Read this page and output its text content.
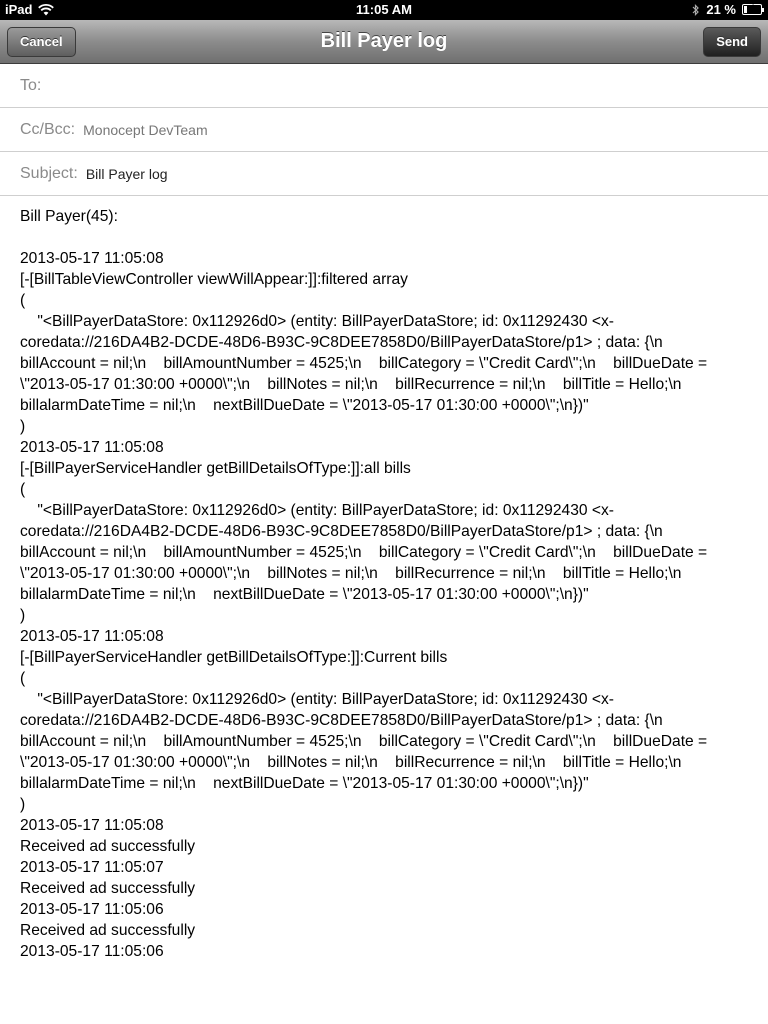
iPad	11:05 AM	21 % ⚡
Cancel	Bill Payer log	Send
To:
Cc/Bcc: Monocept DevTeam
Subject: Bill Payer log
Bill Payer(45):

2013-05-17 11:05:08
[-[BillTableViewController viewWillAppear:]]:filtered array
(
"<BillPayerDataStore: 0x112926d0> (entity: BillPayerDataStore; id: 0x11292430 <x-coredata://216DA4B2-DCDE-48D6-B93C-9C8DEE7858D0/BillPayerDataStore/p1> ; data: {\n    billAccount = nil;\n    billAmountNumber = 4525;\n    billCategory = \"Credit Card\";\n    billDueDate = \"2013-05-17 01:30:00 +0000\";\n    billNotes = nil;\n    billRecurrence = nil;\n    billTitle = Hello;\n    billalarmDateTime = nil;\n    nextBillDueDate = \"2013-05-17 01:30:00 +0000\";\n})"
)
2013-05-17 11:05:08
[-[BillPayerServiceHandler getBillDetailsOfType:]]:all bills
(
"<BillPayerDataStore: 0x112926d0> (entity: BillPayerDataStore; id: 0x11292430 <x-coredata://216DA4B2-DCDE-48D6-B93C-9C8DEE7858D0/BillPayerDataStore/p1> ; data: {\n    billAccount = nil;\n    billAmountNumber = 4525;\n    billCategory = \"Credit Card\";\n    billDueDate = \"2013-05-17 01:30:00 +0000\";\n    billNotes = nil;\n    billRecurrence = nil;\n    billTitle = Hello;\n    billalarmDateTime = nil;\n    nextBillDueDate = \"2013-05-17 01:30:00 +0000\";\n})"
)
2013-05-17 11:05:08
[-[BillPayerServiceHandler getBillDetailsOfType:]]:Current bills
(
"<BillPayerDataStore: 0x112926d0> (entity: BillPayerDataStore; id: 0x11292430 <x-coredata://216DA4B2-DCDE-48D6-B93C-9C8DEE7858D0/BillPayerDataStore/p1> ; data: {\n    billAccount = nil;\n    billAmountNumber = 4525;\n    billCategory = \"Credit Card\";\n    billDueDate = \"2013-05-17 01:30:00 +0000\";\n    billNotes = nil;\n    billRecurrence = nil;\n    billTitle = Hello;\n    billalarmDateTime = nil;\n    nextBillDueDate = \"2013-05-17 01:30:00 +0000\";\n})"
)
2013-05-17 11:05:08
Received ad successfully
2013-05-17 11:05:07
Received ad successfully
2013-05-17 11:05:06
Received ad successfully
2013-05-17 11:05:06
